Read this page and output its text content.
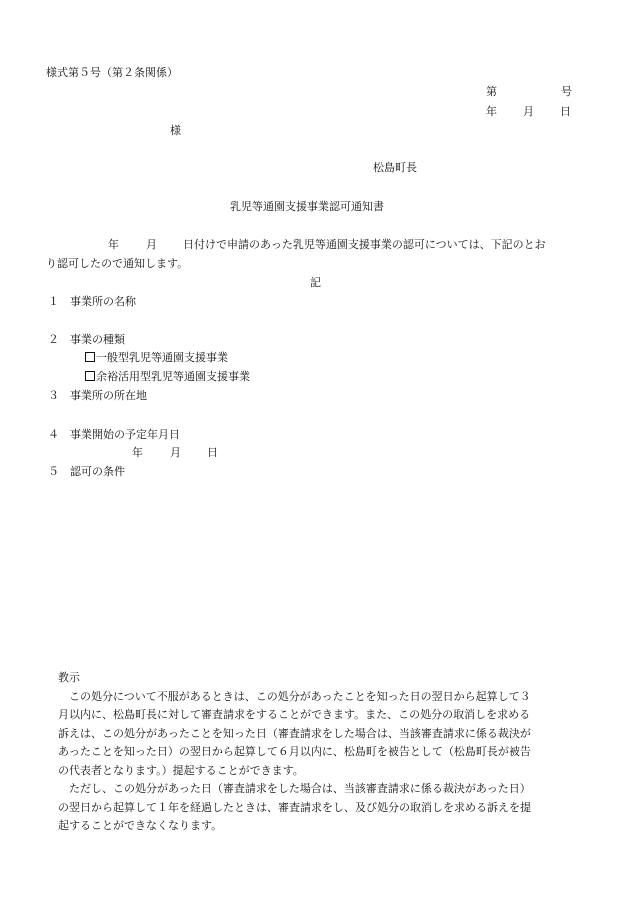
様式第５号（第２条関係）
第	号
年 月 日
様
松島町長
乳児等通園支援事業認可通知書
年 月 日付けで申請のあった乳児等通園支援事業の認可については、下記のとお
り認可したので通知します。
記
１ 事業所の名称
２ 事業の種類
一般型乳児等通園支援事業
余裕活用型乳児等通園支援事業
３ 事業所の所在地
４ 事業開始の予定年月日
年 月 日
５ 認可の条件

教示

　この処分について不服があるときは、この処分があったことを知った日の翌日から起算して３

月以内に、松島町長に対して審査請求をすることができます。また、この処分の取消しを求める

訴えは、この処分があったことを知った日（審査請求をした場合は、当該審査請求に係る裁決が

あったことを知った日）の翌日から起算して６月以内に、松島町を被告として（松島町長が被告

の代表者となります。）提起することができます。

　ただし、この処分があった日（審査請求をした場合は、当該審査請求に係る裁決があった日）

の翌日から起算して１年を経過したときは、審査請求をし、及び処分の取消しを求める訴えを提

起することができなくなります。
